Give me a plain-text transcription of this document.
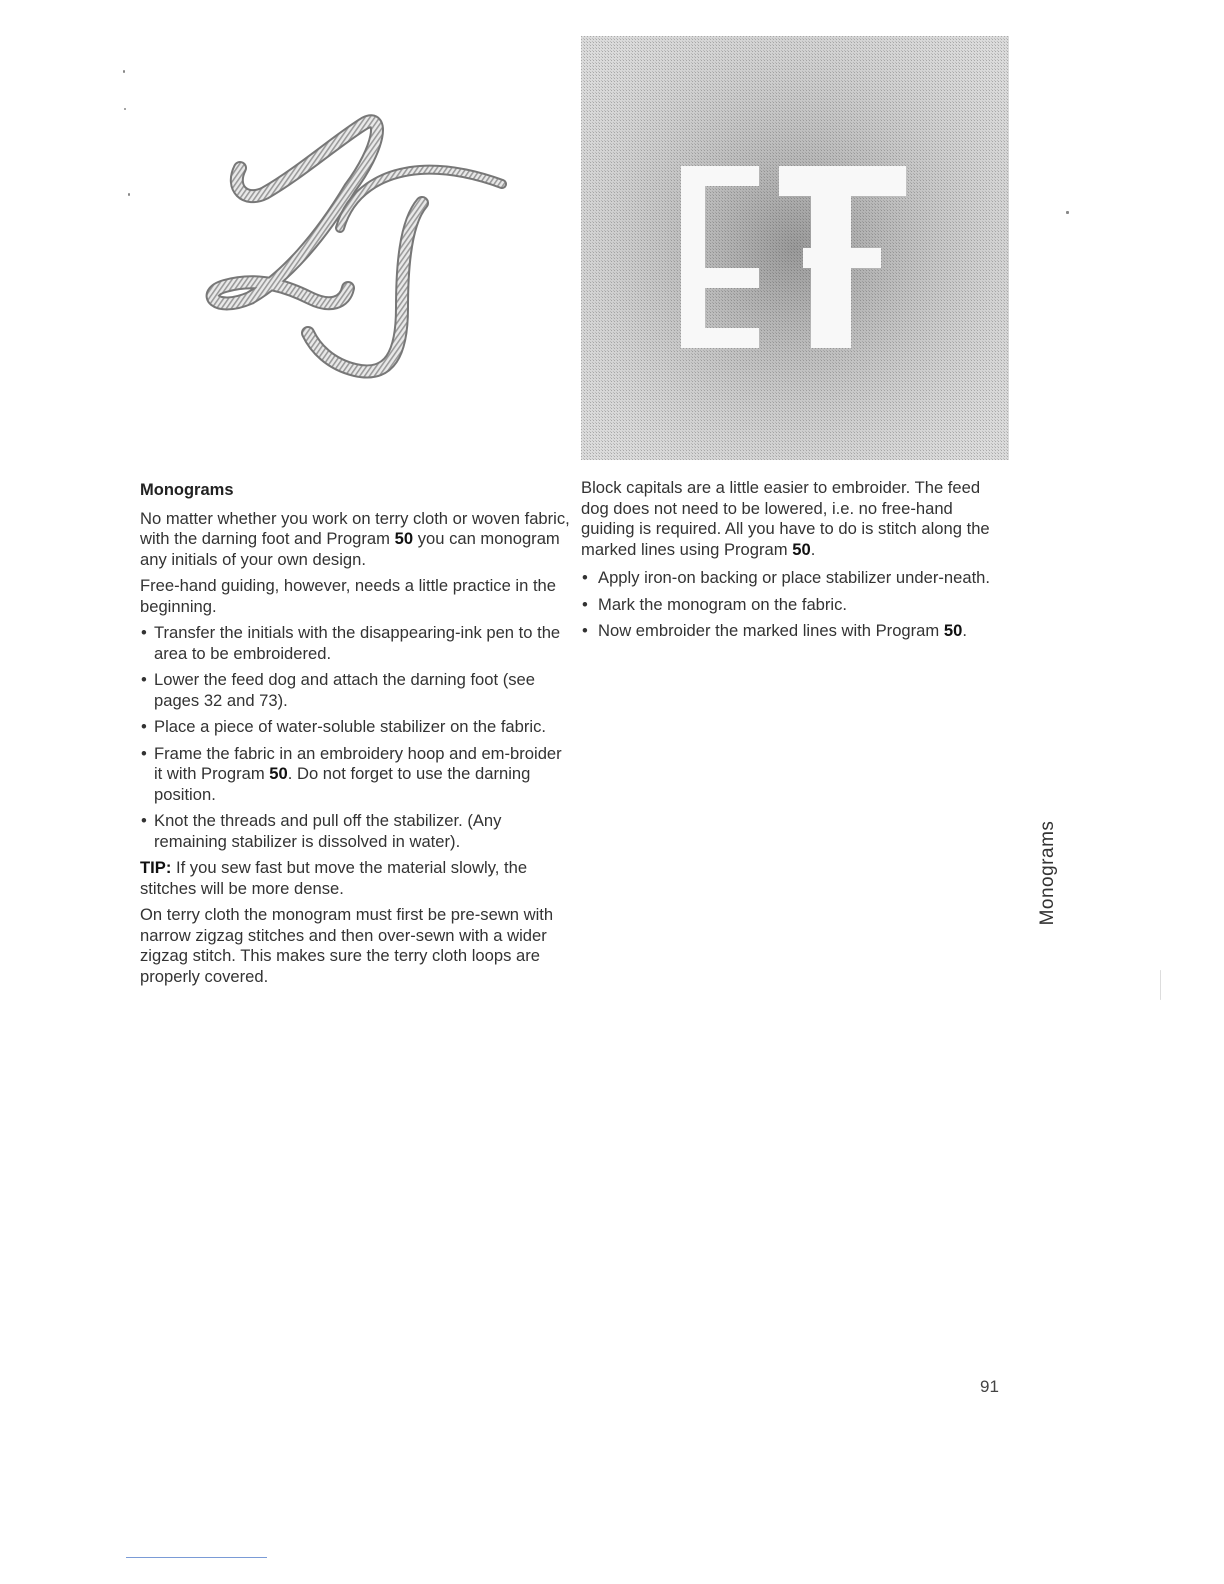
Monograms

No matter whether you work on terry cloth or woven fabric, with the darning foot and Program 50 you can monogram any initials of your own design.

Free-hand guiding, however, needs a little practice in the beginning.

• Transfer the initials with the disappearing-ink pen to the area to be embroidered.
• Lower the feed dog and attach the darning foot (see pages 32 and 73).
• Place a piece of water-soluble stabilizer on the fabric.
• Frame the fabric in an embroidery hoop and em-broider it with Program 50. Do not forget to use the darning position.
• Knot the threads and pull off the stabilizer. (Any remaining stabilizer is dissolved in water).

TIP: If you sew fast but move the material slowly, the stitches will be more dense.

On terry cloth the monogram must first be pre-sewn with narrow zigzag stitches and then over-sewn with a wider zigzag stitch. This makes sure the terry cloth loops are properly covered.

Block capitals are a little easier to embroider. The feed dog does not need to be lowered, i.e. no free-hand guiding is required. All you have to do is stitch along the marked lines using Program 50.

• Apply iron-on backing or place stabilizer under-neath.
• Mark the monogram on the fabric.
• Now embroider the marked lines with Program 50.
Monograms
91
